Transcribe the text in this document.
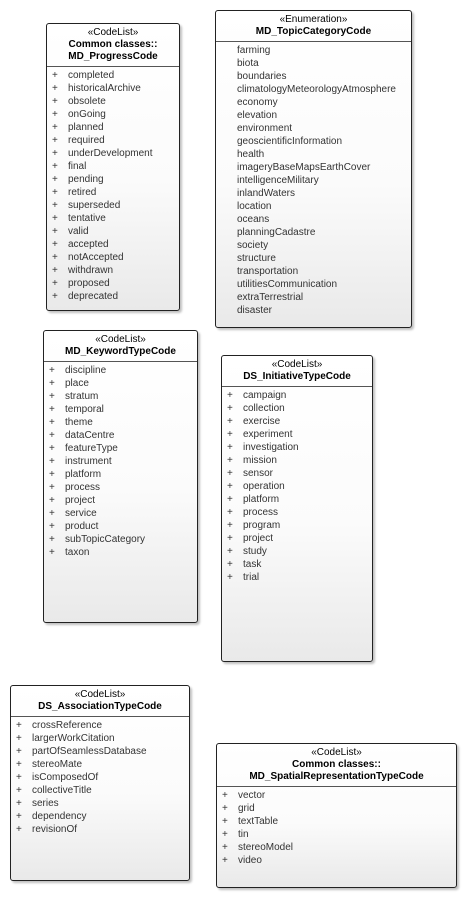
«CodeList»
Common classes::
MD_ProgressCode
+ completed
+ historicalArchive
+ obsolete
+ onGoing
+ planned
+ required
+ underDevelopment
+ final
+ pending
+ retired
+ superseded
+ tentative
+ valid
+ accepted
+ notAccepted
+ withdrawn
+ proposed
+ deprecated
«Enumeration»
MD_TopicCategoryCode
farming
biota
boundaries
climatologyMeteorologyAtmosphere
economy
elevation
environment
geoscientificInformation
health
imageryBaseMapsEarthCover
intelligenceMilitary
inlandWaters
location
oceans
planningCadastre
society
structure
transportation
utilitiesCommunication
extraTerrestrial
disaster
«CodeList»
MD_KeywordTypeCode
+ discipline
+ place
+ stratum
+ temporal
+ theme
+ dataCentre
+ featureType
+ instrument
+ platform
+ process
+ project
+ service
+ product
+ subTopicCategory
+ taxon
«CodeList»
DS_InitiativeTypeCode
+ campaign
+ collection
+ exercise
+ experiment
+ investigation
+ mission
+ sensor
+ operation
+ platform
+ process
+ program
+ project
+ study
+ task
+ trial
«CodeList»
DS_AssociationTypeCode
+ crossReference
+ largerWorkCitation
+ partOfSeamlessDatabase
+ stereoMate
+ isComposedOf
+ collectiveTitle
+ series
+ dependency
+ revisionOf
«CodeList»
Common classes::
MD_SpatialRepresentationTypeCode
+ vector
+ grid
+ textTable
+ tin
+ stereoModel
+ video
